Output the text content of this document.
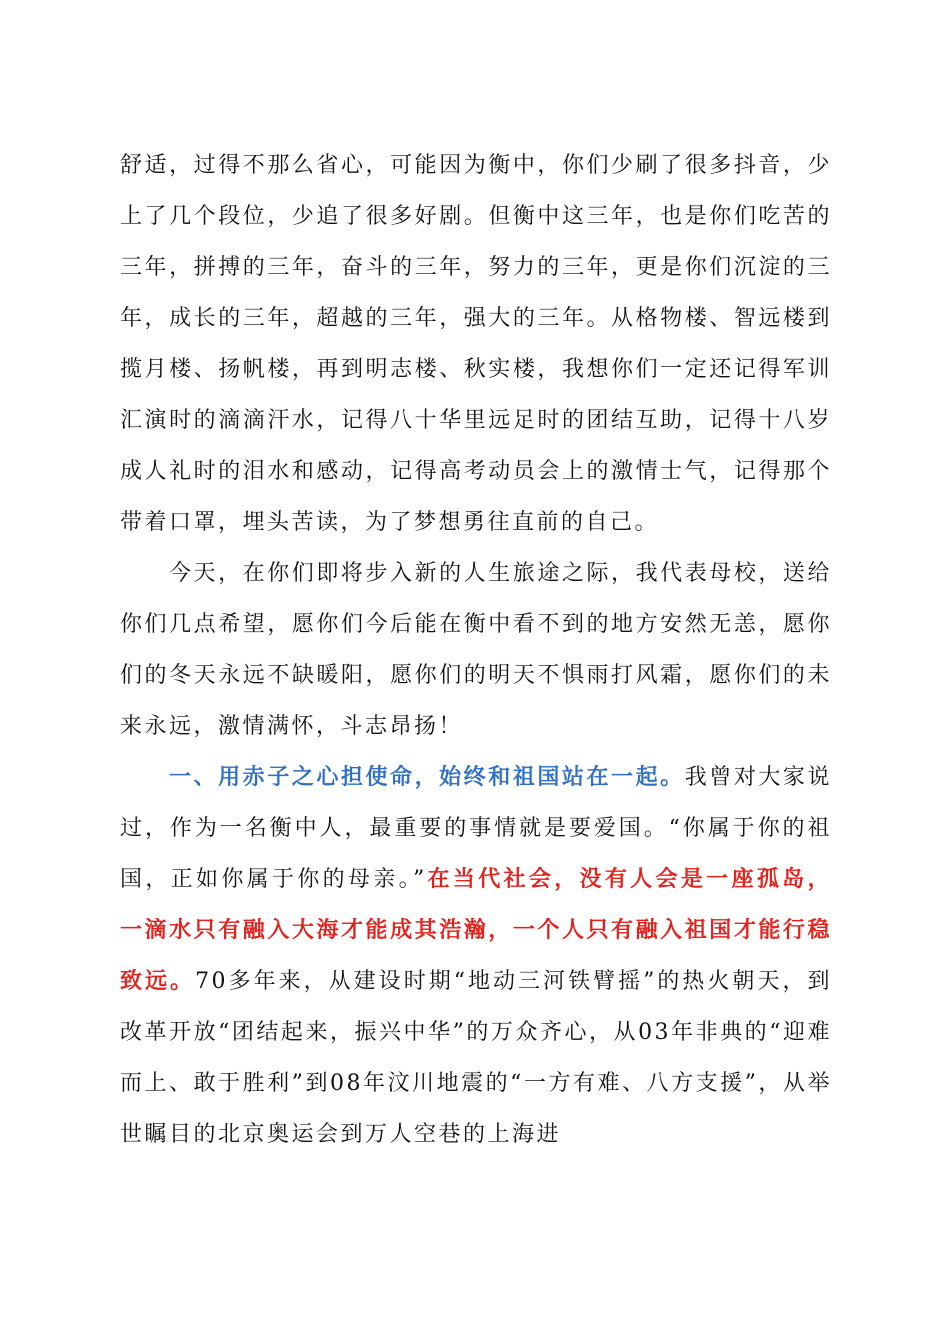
舒适，过得不那么省心，可能因为衡中，你们少刷了很多抖音，少上了几个段位，少追了很多好剧。但衡中这三年，也是你们吃苦的三年，拼搏的三年，奋斗的三年，努力的三年，更是你们沉淀的三年，成长的三年，超越的三年，强大的三年。从格物楼、智远楼到揽月楼、扬帆楼，再到明志楼、秋实楼，我想你们一定还记得军训汇演时的滴滴汗水，记得八十华里远足时的团结互助，记得十八岁成人礼时的泪水和感动，记得高考动员会上的激情士气，记得那个带着口罩，埋头苦读，为了梦想勇往直前的自己。

今天，在你们即将步入新的人生旅途之际，我代表母校，送给你们几点希望，愿你们今后能在衡中看不到的地方安然无恙，愿你们的冬天永远不缺暖阳，愿你们的明天不惧雨打风霜，愿你们的未来永远，激情满怀，斗志昂扬！

一、用赤子之心担使命，始终和祖国站在一起。我曾对大家说过，作为一名衡中人，最重要的事情就是要爱国。“你属于你的祖国，正如你属于你的母亲。”在当代社会，没有人会是一座孤岛，一滴水只有融入大海才能成其浩瀚，一个人只有融入祖国才能行稳致远。70多年来，从建设时期“地动三河铁臂摇”的热火朝天，到改革开放“团结起来，振兴中华”的万众齐心，从03年非典的“迎难而上、敢于胜利”到08年汶川地震的“一方有难、八方支援”，从举世瞩目的北京奥运会到万人空巷的上海进
